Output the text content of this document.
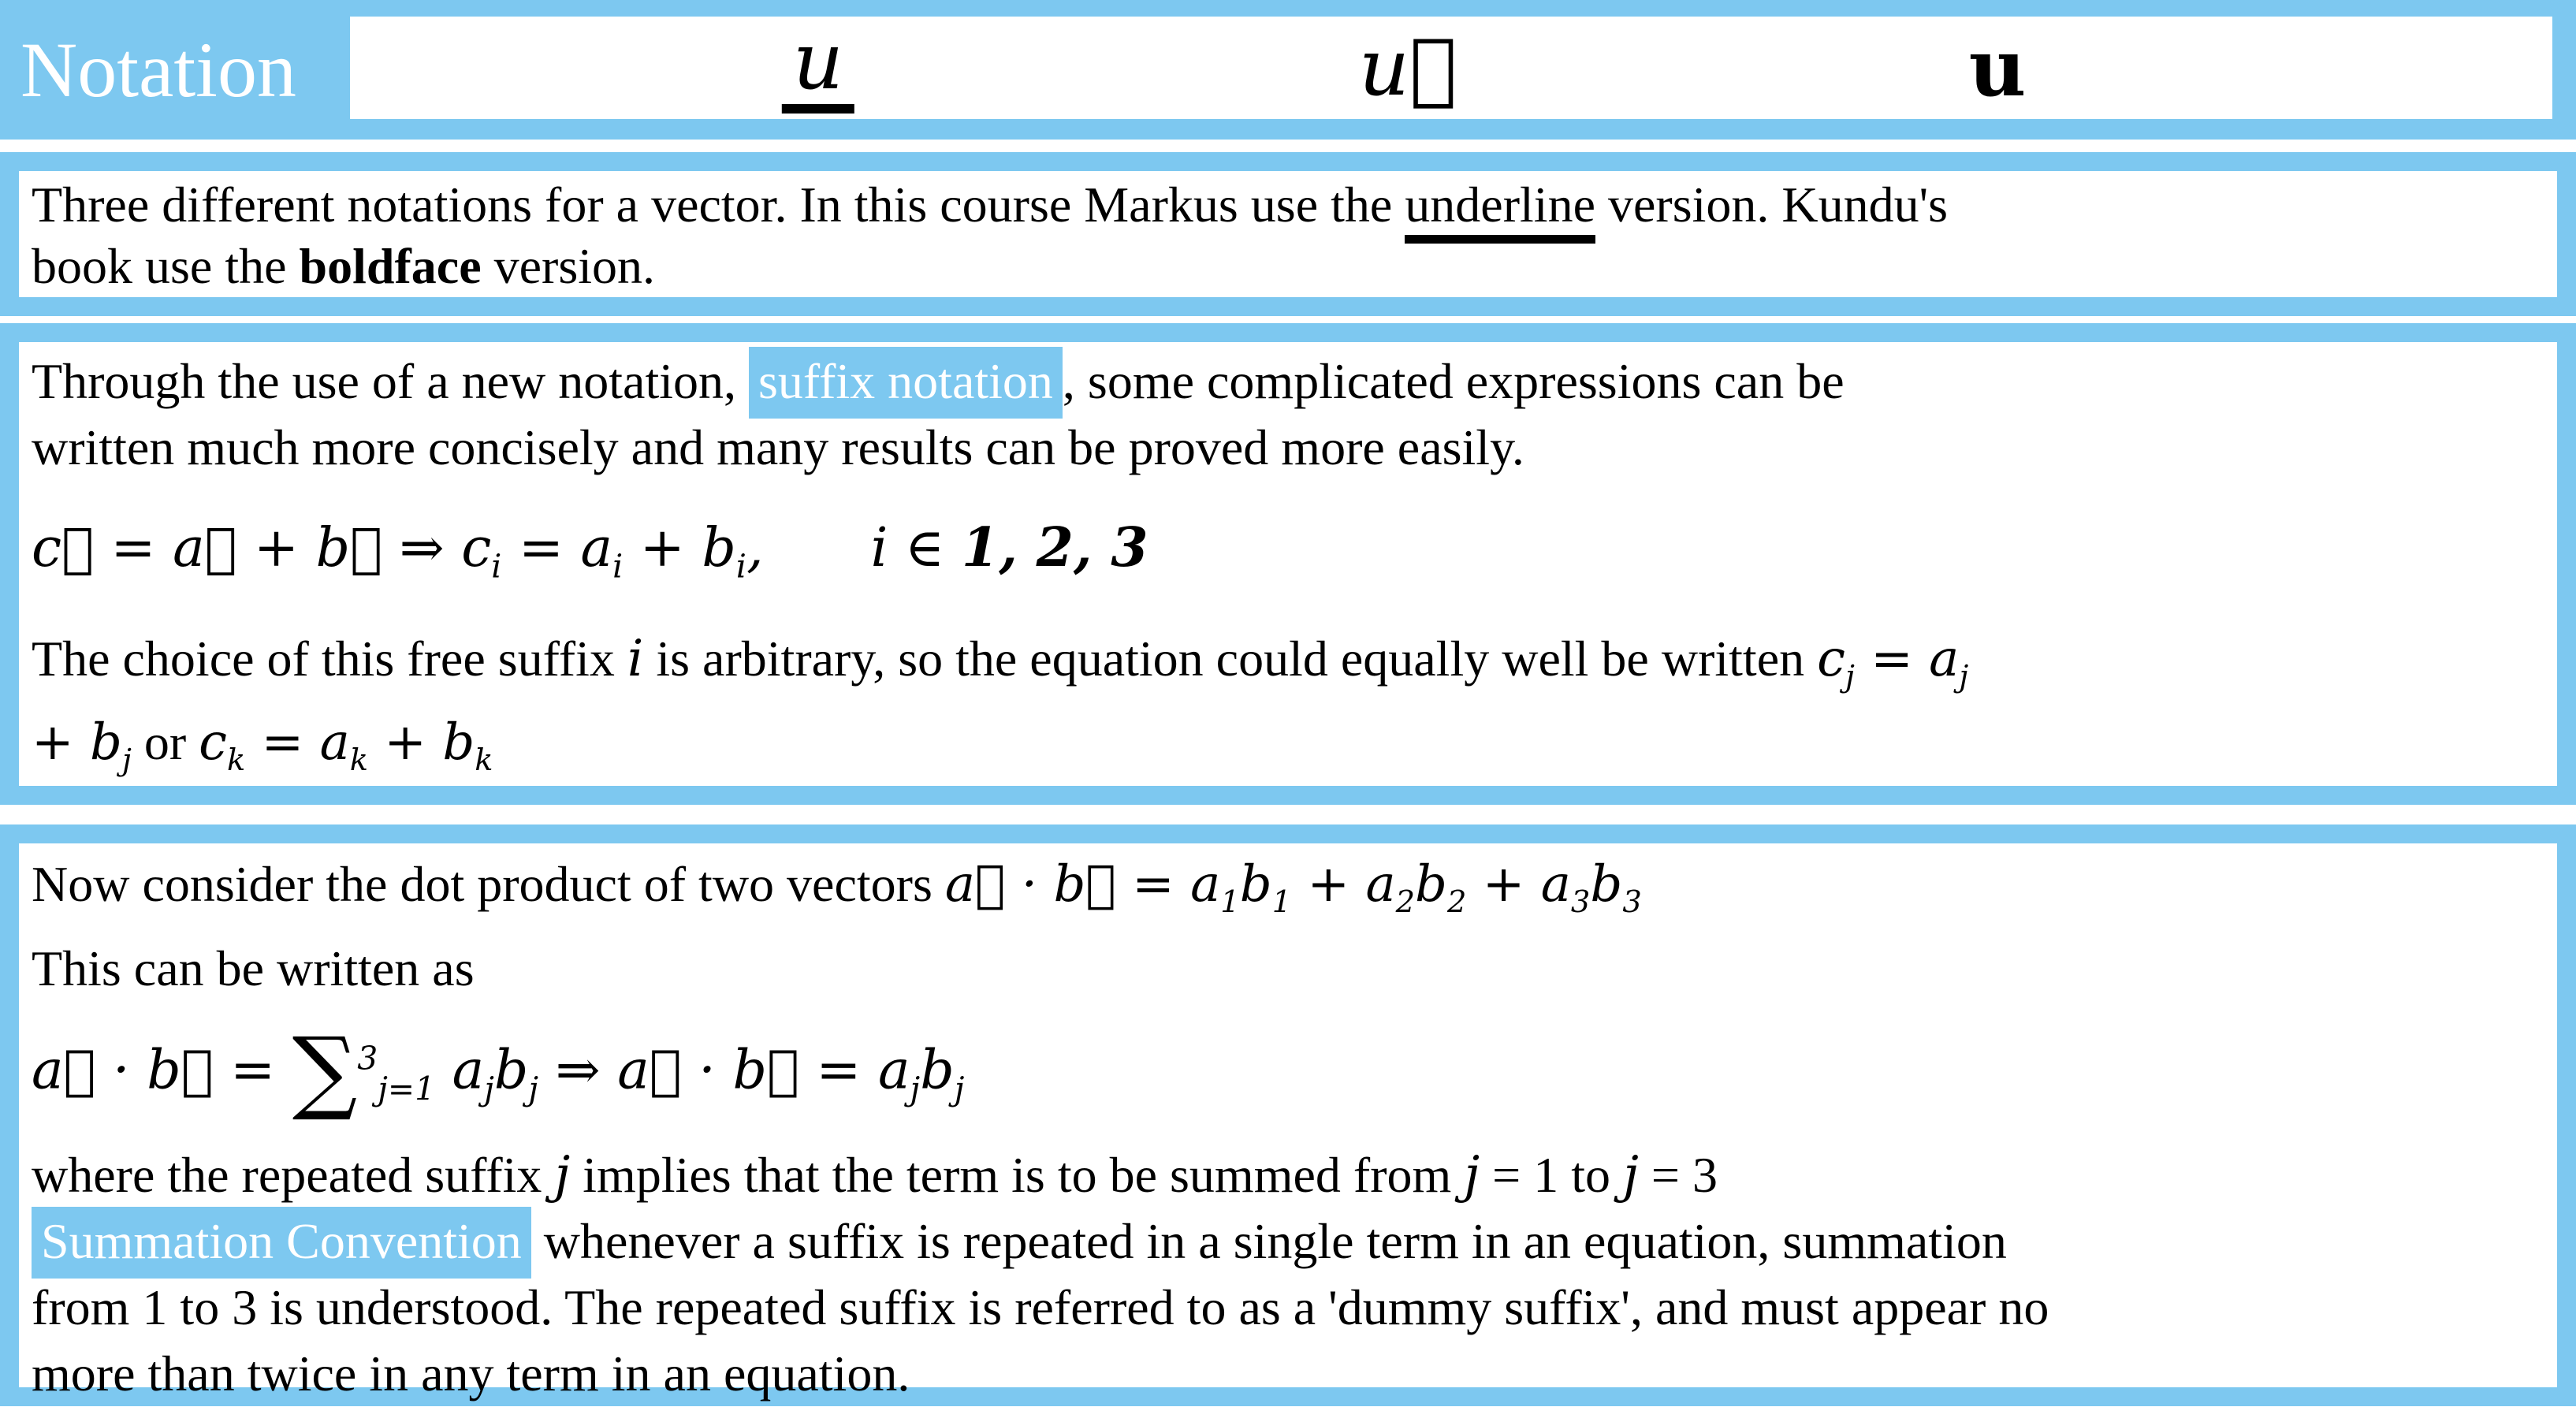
Notation	u	u⃗	u

Three different notations for a vector. In this course Markus use the underline version. Kundu's

book use the boldface version.

Through the use of a new notation, suffix notation , some complicated expressions can be

written much more concisely and many results can be proved more easily.

c⃗ = a⃗ + b⃗ ⇒ $c_i = a_i + b_i$,  i ∈ 1, 2, 3

The choice of this free suffix i is arbitrary, so the equation could equally well be written $c_j = a_j$

+ $b_j$ or $c_k = a_k + b_k$

Now consider the dot product of two vectors a⃗ · b⃗ = $a_1b_1 + a_2b_2 + a_3b_3$

This can be written as

a⃗ · b⃗ = ∑$^3_{j=1}$ $a_jb_j$ ⇒ a⃗ · b⃗ = $a_jb_j$

where the repeated suffix j implies that the term is to be summed from j = 1 to j = 3

Summation Convention whenever a suffix is repeated in a single term in an equation, summation

from 1 to 3 is understood. The repeated suffix is referred to as a 'dummy suffix', and must appear no

more than twice in any term in an equation.
